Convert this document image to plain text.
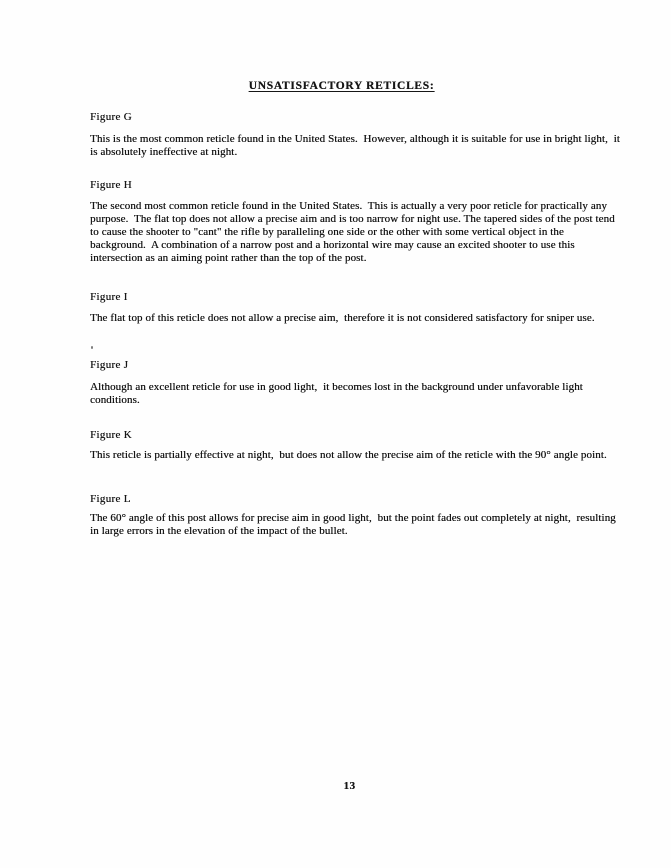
UNSATISFACTORY RETICLES:
Figure G
This is the most common reticle found in the United States.  However, although it is suitable for use in bright light,  it is absolutely ineffective at night.
Figure H
The second most common reticle found in the United States.  This is actually a very poor reticle for practically any purpose.  The flat top does not allow a precise aim and is too narrow for night use. The tapered sides of the post tend to cause the shooter to "cant" the rifle by paralleling one side or the other with some vertical object in the background.  A combination of a narrow post and a horizontal wire may cause an excited shooter to use this intersection as an aiming point rather than the top of the post.
Figure I
The flat top of this reticle does not allow a precise aim,  therefore it is not considered satisfactory for sniper use.
Figure J
Although an excellent reticle for use in good light,  it becomes lost in the background under unfavorable light conditions.
Figure K
This reticle is partially effective at night,  but does not allow the precise aim of the reticle with the 90° angle point.
Figure L
The 60° angle of this post allows for precise aim in good light,  but the point fades out completely at night,  resulting in large errors in the elevation of the impact of the bullet.
13
